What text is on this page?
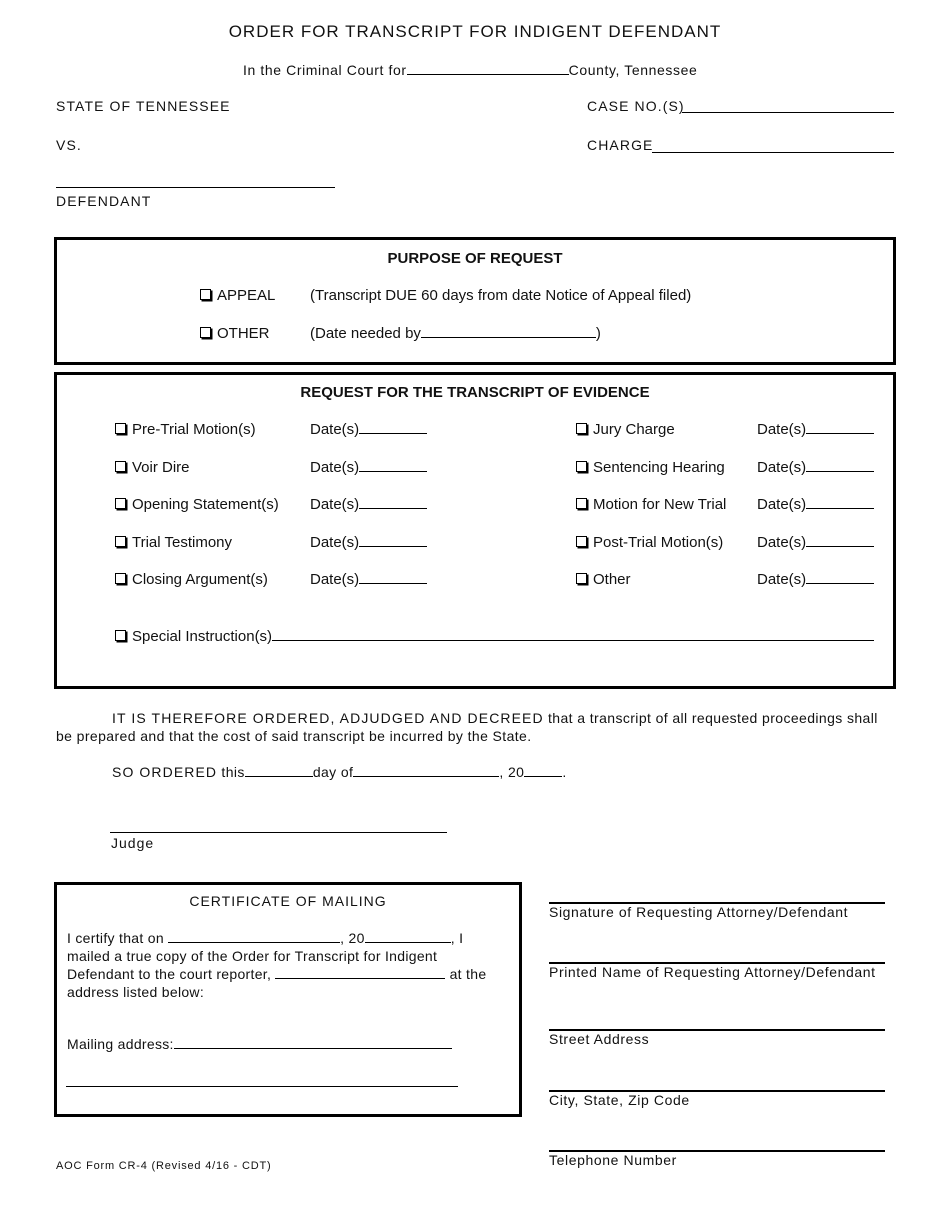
ORDER FOR TRANSCRIPT FOR INDIGENT DEFENDANT
In the Criminal Court for	County, Tennessee
STATE OF TENNESSEE
VS.
DEFENDANT
CASE NO.(S)
CHARGE
PURPOSE OF REQUEST
APPEAL (Transcript DUE 60 days from date Notice of Appeal filed)
OTHER	(Date needed by	)
REQUEST FOR THE TRANSCRIPT OF EVIDENCE
Pre-Trial Motion(s)	Date(s)
Voir Dire	Date(s)
Opening Statement(s) Date(s)
Trial Testimony	Date(s)
Closing Argument(s)	Date(s)
Jury Charge	Date(s)
Sentencing Hearing Date(s)
Motion for New Trial Date(s)
Post-Trial Motion(s) Date(s)
Other	Date(s)
Special Instruction(s)
IT IS THEREFORE ORDERED, ADJUDGED AND DECREED that a transcript of all requested proceedings shall
be prepared and that the cost of said transcript be incurred by the State.
SO ORDERED this	day of	, 20	.
Judge
CERTIFICATE OF MAILING
I certify that on	, 20	, I
mailed a true copy of the Order for Transcript for Indigent
Defendant to the court reporter,	at the
address listed below:
Mailing address:
Signature of Requesting Attorney/Defendant
Printed Name of Requesting Attorney/Defendant
Street Address
City, State, Zip Code
Telephone Number
AOC Form CR-4 (Revised 4/16 - CDT)
